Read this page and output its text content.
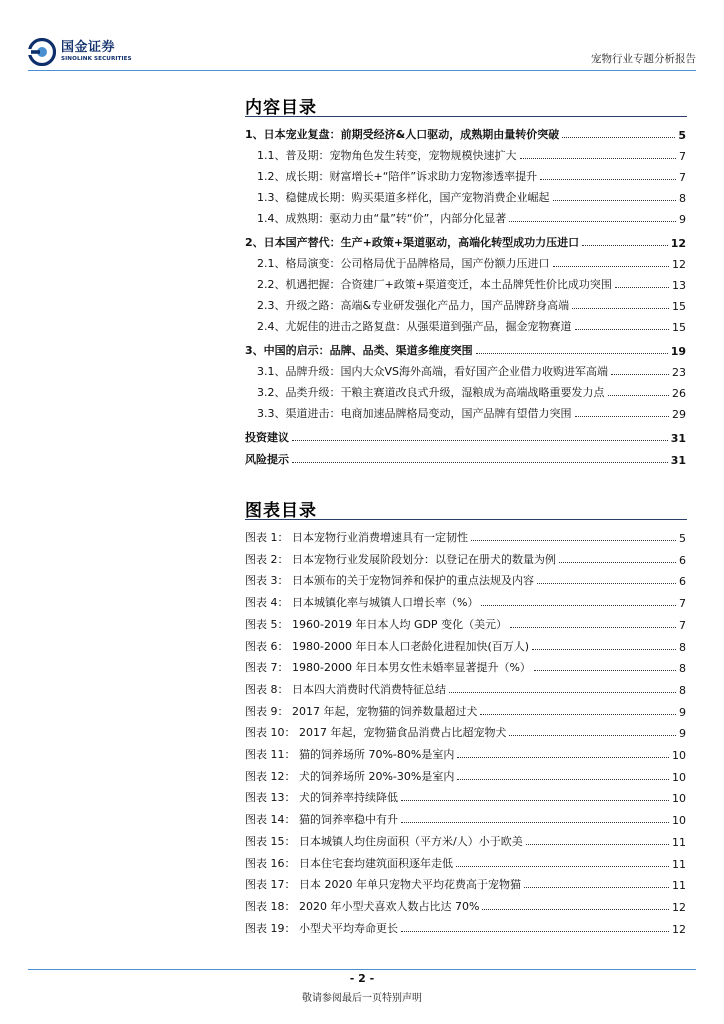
国金证券
SINOLINK SECURITIES	宠物行业专题分析报告
内容目录
1、日本宠业复盘：前期受经济&人口驱动，成熟期由量转价突破	5
1.1、普及期：宠物角色发生转变，宠物规模快速扩大	7
1.2、成长期：财富增长+“陪伴”诉求助力宠物渗透率提升	7
1.3、稳健成长期：购买渠道多样化，国产宠物消费企业崛起	8
1.4、成熟期：驱动力由“量”转“价”，内部分化显著	9
2、日本国产替代：生产+政策+渠道驱动，高端化转型成功力压进口	12
2.1、格局演变：公司格局优于品牌格局，国产份额力压进口	12
2.2、机遇把握：合资建厂+政策+渠道变迁，本土品牌凭性价比成功突围	13
2.3、升级之路：高端&专业研发强化产品力，国产品牌跻身高端	15
2.4、尤妮佳的进击之路复盘：从强渠道到强产品，掘金宠物赛道	15
3、中国的启示：品牌、品类、渠道多维度突围	19
3.1、品牌升级：国内大众VS海外高端，看好国产企业借力收购进军高端	23
3.2、品类升级：干粮主赛道改良式升级，湿粮成为高端战略重要发力点	26
3.3、渠道进击：电商加速品牌格局变动，国产品牌有望借力突围	29
投资建议	31
风险提示	31
图表目录
图表 1： 日本宠物行业消费增速具有一定韧性	5
图表 2： 日本宠物行业发展阶段划分：以登记在册犬的数量为例	6
图表 3： 日本颁布的关于宠物饲养和保护的重点法规及内容	6
图表 4： 日本城镇化率与城镇人口增长率（%）	7
图表 5： 1960-2019 年日本人均 GDP 变化（美元）	7
图表 6： 1980-2000 年日本人口老龄化进程加快(百万人)	8
图表 7： 1980-2000 年日本男女性未婚率显著提升（%）	8
图表 8： 日本四大消费时代消费特征总结	8
图表 9： 2017 年起，宠物猫的饲养数量超过犬	9
图表 10： 2017 年起，宠物猫食品消费占比超宠物犬	9
图表 11： 猫的饲养场所 70%-80%是室内	10
图表 12： 犬的饲养场所 20%-30%是室内	10
图表 13： 犬的饲养率持续降低	10
图表 14： 猫的饲养率稳中有升	10
图表 15： 日本城镇人均住房面积（平方米/人）小于欧美	11
图表 16： 日本住宅套均建筑面积逐年走低	11
图表 17： 日本 2020 年单只宠物犬平均花费高于宠物猫	11
图表 18： 2020 年小型犬喜欢人数占比达 70%	12
图表 19： 小型犬平均寿命更长	12
- 2 -
敬请参阅最后一页特别声明
